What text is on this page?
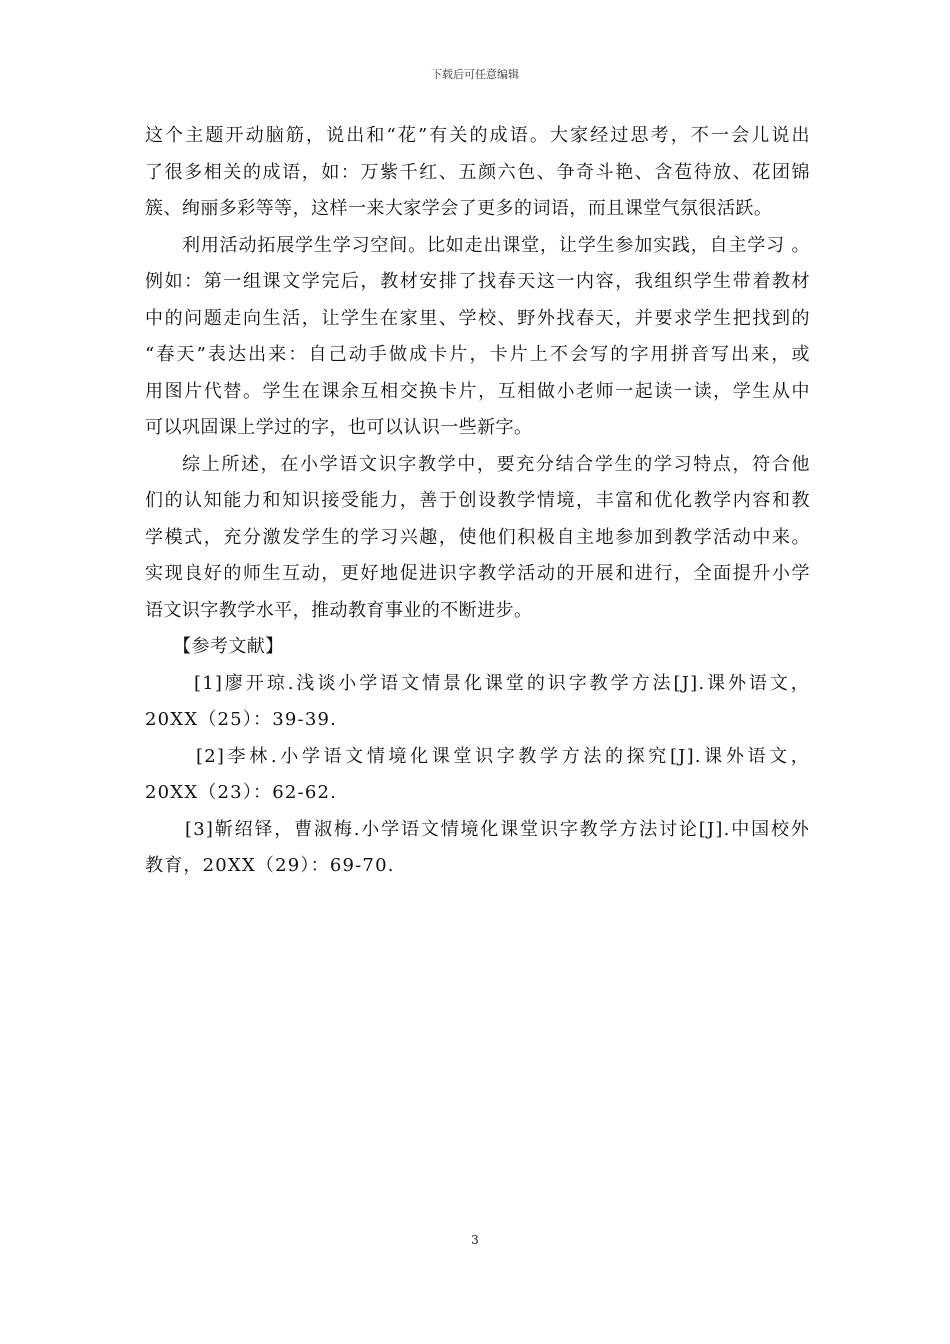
下载后可任意编辑
这个主题开动脑筋，说出和“花”有关的成语。大家经过思考，不一会儿说出
了很多相关的成语，如：万紫千红、五颜六色、争奇斗艳、含苞待放、花团锦
簇、绚丽多彩等等，这样一来大家学会了更多的词语，而且课堂气氛很活跃。
利用活动拓展学生学习空间。比如走出课堂，让学生参加实践，自主学习 。
例如：第一组课文学完后，教材安排了找春天这一内容，我组织学生带着教材
中的问题走向生活，让学生在家里、学校、野外找春天，并要求学生把找到的
“春天”表达出来：自己动手做成卡片，卡片上不会写的字用拼音写出来，或
用图片代替。学生在课余互相交换卡片，互相做小老师一起读一读，学生从中
可以巩固课上学过的字，也可以认识一些新字。
综上所述，在小学语文识字教学中，要充分结合学生的学习特点，符合他
们的认知能力和知识接受能力，善于创设教学情境，丰富和优化教学内容和教
学模式，充分激发学生的学习兴趣，使他们积极自主地参加到教学活动中来。
实现良好的师生互动，更好地促进识字教学活动的开展和进行，全面提升小学
语文识字教学水平，推动教育事业的不断进步。
【参考文献】
[1]廖开琼.浅谈小学语文情景化课堂的识字教学方法[J].课外语文，
20XX（25）：39-39.
[2]李林.小学语文情境化课堂识字教学方法的探究[J].课外语文，
20XX（23）：62-62.
[3]靳绍铎，曹淑梅.小学语文情境化课堂识字教学方法讨论[J].中国校外
教育，20XX（29）：69-70.
3
